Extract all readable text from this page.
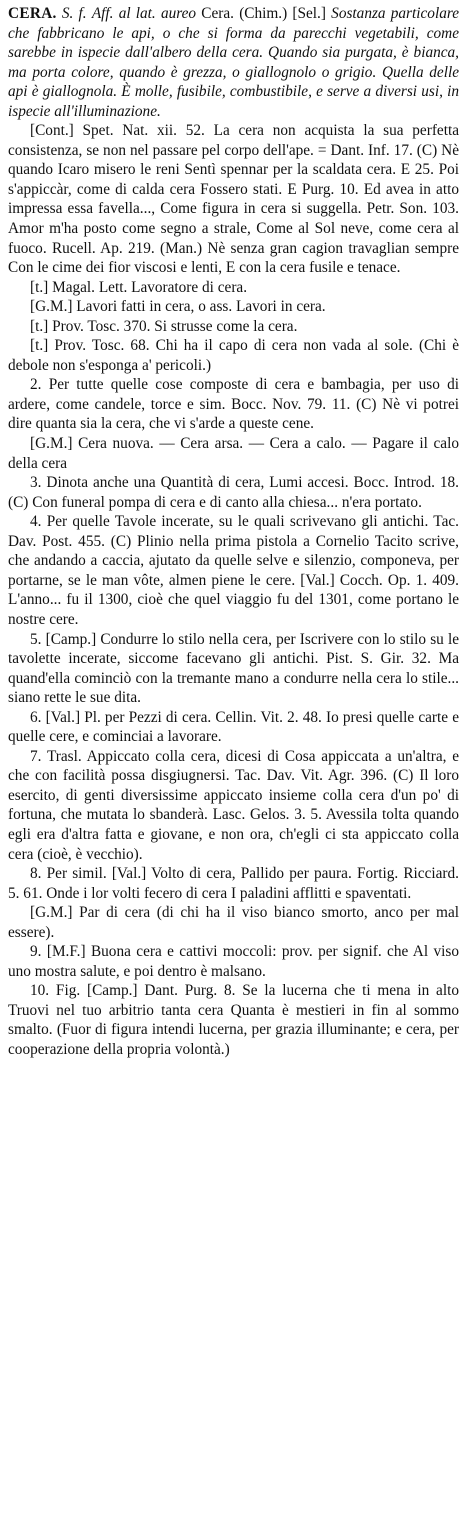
CERA. S. f. Aff. al lat. aureo Cera. (Chim.) [Sel.] Sostanza particolare che fabbricano le api, o che si forma da parecchi vegetabili, come sarebbe in ispecie dall'albero della cera. Quando sia purgata, è bianca, ma porta colore, quando è grezza, o giallognolo o grigio. Quella delle api è giallognola. È molle, fusibile, combustibile, e serve a diversi usi, in ispecie all'illuminazione.

[Cont.] Spet. Nat. xii. 52. La cera non acquista la sua perfetta consistenza, se non nel passare pel corpo dell'ape. = Dant. Inf. 17. (C) Nè quando Icaro misero le reni Sentì spennar per la scaldata cera. E 25. Poi s'appiccàr, come di calda cera Fossero stati. E Purg. 10. Ed avea in atto impressa essa favella..., Come figura in cera si suggella. Petr. Son. 103. Amor m'ha posto come segno a strale, Come al Sol neve, come cera al fuoco. Rucell. Ap. 219. (Man.) Nè senza gran cagion travaglian sempre Con le cime dei fior viscosi e lenti, E con la cera fusile e tenace.

[t.] Magal. Lett. Lavoratore di cera.

[G.M.] Lavori fatti in cera, o ass. Lavori in cera.

[t.] Prov. Tosc. 370. Si strusse come la cera.

[t.] Prov. Tosc. 68. Chi ha il capo di cera non vada al sole. (Chi è debole non s'esponga a' pericoli.)

2. Per tutte quelle cose composte di cera e bambagia, per uso di ardere, come candele, torce e sim. Bocc. Nov. 79. 11. (C) Nè vi potrei dire quanta sia la cera, che vi s'arde a queste cene.

[G.M.] Cera nuova. — Cera arsa. — Cera a calo. — Pagare il calo della cera

3. Dinota anche una Quantità di cera, Lumi accesi. Bocc. Introd. 18. (C) Con funeral pompa di cera e di canto alla chiesa... n'era portato.

4. Per quelle Tavole incerate, su le quali scrivevano gli antichi. Tac. Dav. Post. 455. (C) Plinio nella prima pistola a Cornelio Tacito scrive, che andando a caccia, ajutato da quelle selve e silenzio, componeva, per portarne, se le man vôte, almen piene le cere. [Val.] Cocch. Op. 1. 409. L'anno... fu il 1300, cioè che quel viaggio fu del 1301, come portano le nostre cere.

5. [Camp.] Condurre lo stilo nella cera, per Iscrivere con lo stilo su le tavolette incerate, siccome facevano gli antichi. Pist. S. Gir. 32. Ma quand'ella cominciò con la tremante mano a condurre nella cera lo stile... siano rette le sue dita.

6. [Val.] Pl. per Pezzi di cera. Cellin. Vit. 2. 48. Io presi quelle carte e quelle cere, e cominciai a lavorare.

7. Trasl. Appiccato colla cera, dicesi di Cosa appiccata a un'altra, e che con facilità possa disgiugnersi. Tac. Dav. Vit. Agr. 396. (C) Il loro esercito, di genti diversissime appiccato insieme colla cera d'un po' di fortuna, che mutata lo sbanderà. Lasc. Gelos. 3. 5. Avessila tolta quando egli era d'altra fatta e giovane, e non ora, ch'egli ci sta appiccato colla cera (cioè, è vecchio).

8. Per simil. [Val.] Volto di cera, Pallido per paura. Fortig. Ricciard. 5. 61. Onde i lor volti fecero di cera I paladini afflitti e spaventati.

[G.M.] Par di cera (di chi ha il viso bianco smorto, anco per mal essere).

9. [M.F.] Buona cera e cattivi moccoli: prov. per signif. che Al viso uno mostra salute, e poi dentro è malsano.

10. Fig. [Camp.] Dant. Purg. 8. Se la lucerna che ti mena in alto Truovi nel tuo arbitrio tanta cera Quanta è mestieri in fin al sommo smalto. (Fuor di figura intendi lucerna, per grazia illuminante; e cera, per cooperazione della propria volontà.)
